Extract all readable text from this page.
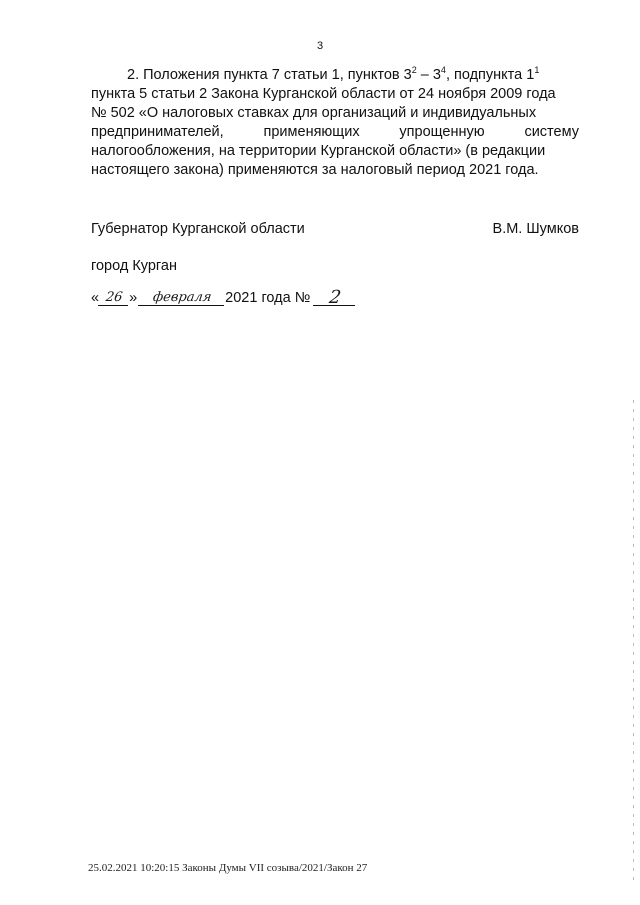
3
2. Положения пункта 7 статьи 1, пунктов $3^2 - 3^4$, подпункта $1^1$
пункта 5 статьи 2 Закона Курганской области от 24 ноября 2009 года
№ 502 «О налоговых ставках для организаций и индивидуальных
предпринимателей,	применяющих	упрощенную	систему
налогообложения, на территории Курганской области» (в редакции
настоящего закона) применяются за налоговый период 2021 года.
Губернатор Курганской области	В.М. Шумков
город Курган
« 26 »	февраля 2021 года № 2
25.02.2021 10:20:15 Законы Думы VII созыва/2021/Закон 27
